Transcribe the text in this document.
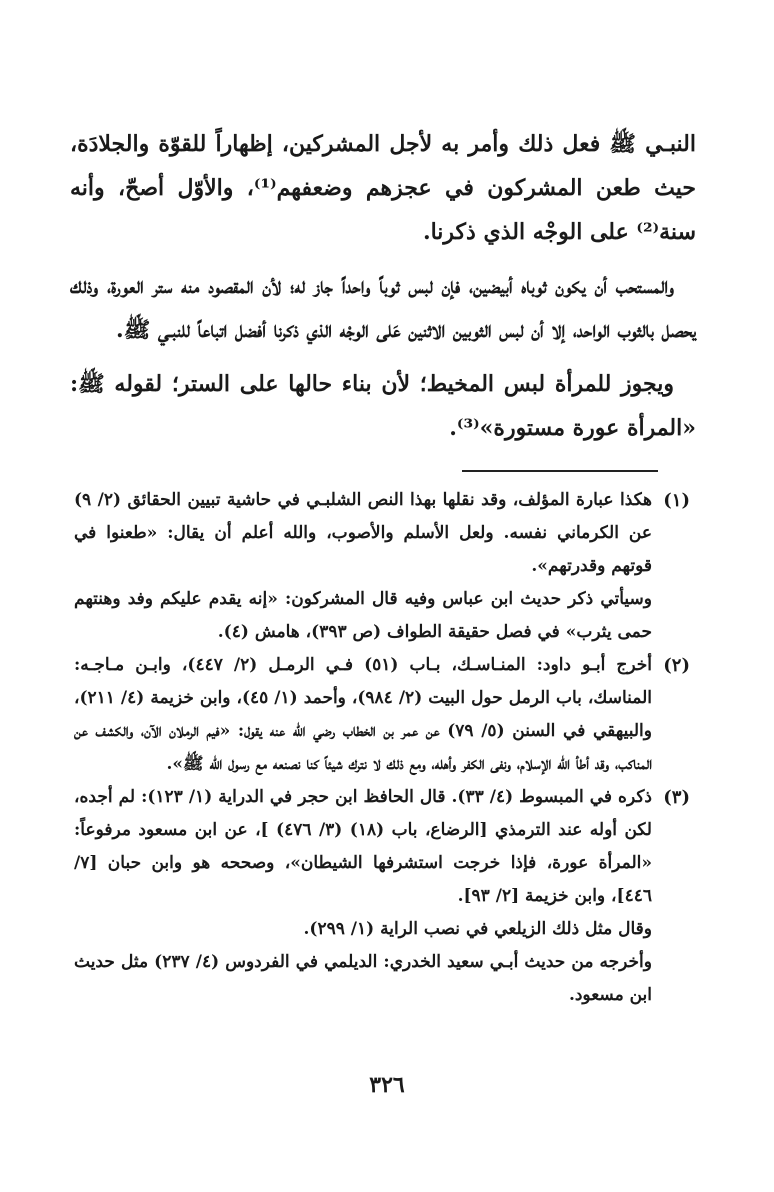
النبـي ﷺ فعل ذلك وأمر به لأجل المشركين، إظهاراً للقوّة والجلادَة، حيث طعن المشركون في عجزهم وضعفهم⁽¹⁾، والأوّل أصحّ، وأنه سنة⁽²⁾ على الوجْه الذي ذكرنا.

والمستحب أن يكون ثوباه أبيضين، فإن لبس ثوباً واحداً جاز له؛ لأن المقصود منه ستر العورة، وذلك يحصل بالثوب الواحد، إلا أن لبس الثوبين الاثنين عَلى الوجْه الذي ذكرنا أفضل اتباعاً للنبـي ﷺ.

ويجوز للمرأة لبس المخيط؛ لأن بناء حالها على الستر؛ لقوله ﷺ: «المرأة عورة مستورة»⁽³⁾.

(١)

هكذا عبارة المؤلف، وقد نقلها بهذا النص الشلبـي في حاشية تبيين الحقائق (٢/ ٩) عن الكرماني نفسه. ولعل الأسلم والأصوب، والله أعلم أن يقال: «طعنوا في قوتهم وقدرتهم».

وسيأتي ذكر حديث ابن عباس وفيه قال المشركون: «إنه يقدم عليكم وفد وهنتهم حمى يثرب» في فصل حقيقة الطواف (ص ٣٩٣)، هامش (٤).

(٢)

أخرج أبـو داود: المنـاسـك، بـاب (٥١) فـي الرمـل (٢/ ٤٤٧)، وابـن مـاجـه: المناسك، باب الرمل حول البيت (٢/ ٩٨٤)، وأحمد (١/ ٤٥)، وابن خزيمة (٤/ ٢١١)، والبيهقي في السنن (٥/ ٧٩) عن عمر بن الخطاب رضي الله عنه يقول: «فيم الرملان الآن، والكشف عن المناكب، وقد أطأ الله الإسلام، ونفى الكفر وأهله، ومع ذلك لا نترك شيئاً كنا نصنعه مع رسول الله ﷺ».

(٣)

ذكره في المبسوط (٤/ ٣٣). قال الحافظ ابن حجر في الدراية (١/ ١٢٣): لم أجده، لكن أوله عند الترمذي [الرضاع، باب (١٨) (٣/ ٤٧٦) ]، عن ابن مسعود مرفوعاً: «المرأة عورة، فإذا خرجت استشرفها الشيطان»، وصححه هو وابن حبان [٧/ ٤٤٦]، وابن خزيمة [٢/ ٩٣].

وقال مثل ذلك الزيلعي في نصب الراية (١/ ٢٩٩).

وأخرجه من حديث أبـي سعيد الخدري: الديلمي في الفردوس (٤/ ٢٣٧) مثل حديث ابن مسعود.

٣٢٦
